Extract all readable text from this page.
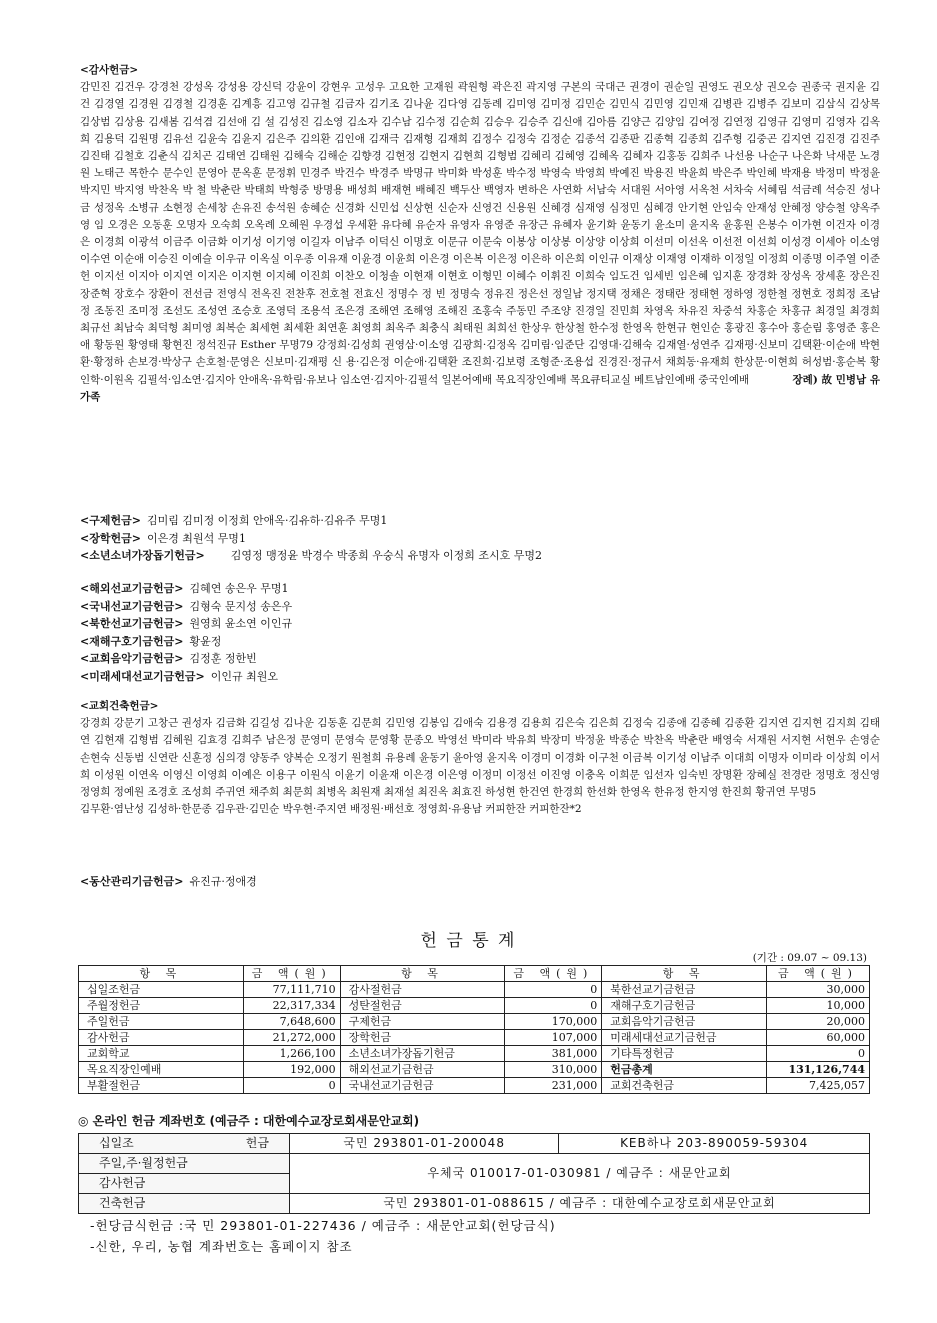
<감사헌금>

감민진 김건우 강경천 강성옥 강성용 강신덕 강윤이 강현우 고성우 고요한 고재원 곽원형 곽은진 곽지영 구본의 국대근 권경이 권순일 권영도 권오상 권오승 권종국 권지윤 김 건 김경열 김경원 김경철 김경훈 김계흥 김고영 김규철 김금자 김기조 김나윤 김다영 김동례 김미영 김미정 김민순 김민식 김민영 김민재 김병관 김병주 김보미 김삼식 김상목 김상범 김상용 김새봄 김석겸 김선애 김 설 김성진 김소영 김소자 김수남 김수정 김순희 김승우 김승주 김신애 김아름 김양근 김양임 김여정 김연정 김영규 김영미 김영자 김옥희 김용덕 김원명 김유선 김윤숙 김윤지 김은주 김의환 김인애 김재극 김재형 김재희 김정수 김정숙 김정순 김종석 김종판 김종혁 김종희 김주형 김중곤 김지연 김진경 김진주 김진태 김철호 김춘식 김치곤 김태연 김태원 김해숙 김해순 김향경 김현정 김현지 김현희 김형범 김혜리 김혜영 김혜옥 김혜자 김홍동 김희주 나선용 나순구 나은화 낙새문 노경원 노태근 목한수 문수인 문영아 문옥훈 문정휘 민경주 박건수 박경주 박명규 박미화 박성훈 박수정 박영숙 박영희 박예진 박용진 박윤희 박은주 박인혜 박재용 박정미 박정윤 박지민 박지영 박찬옥 박 철 박춘란 박태희 박형중 방명용 배성희 배재현 배혜진 백두산 백영자 변하은 사연화 서남숙 서대원 서아영 서옥천 서차숙 서혜림 석금례 석승진 성나금 성정옥 소병규 소현정 손세창 손유진 송석원 송혜순 신경화 신민섭 신상현 신순자 신영건 신용원 신혜경 심재영 심정민 심혜경 안기현 안임숙 안재성 안혜정 양승철 양옥주 영 임 오경은 오동훈 오명자 오숙희 오옥례 오혜원 우경섭 우세환 유다혜 유순자 유영자 유영준 유장근 유혜자 윤기화 윤동기 윤소미 윤지옥 윤홍원 은봉수 이가현 이건자 이경은 이경희 이광석 이금주 이금화 이기성 이기영 이길자 이남주 이덕신 이명호 이문규 이문숙 이봉상 이상봉 이상양 이상희 이선미 이선옥 이선전 이선희 이성경 이세아 이소영 이수연 이순애 이승진 이예슬 이우규 이옥실 이우종 이유재 이윤경 이윤희 이은경 이은복 이은정 이은하 이은희 이인규 이재상 이재영 이재하 이정일 이정희 이종명 이주열 이준헌 이지선 이지아 이지연 이지은 이지현 이지혜 이진희 이찬오 이청솔 이현재 이현호 이형민 이혜수 이휘진 이희숙 임도건 임세빈 임은혜 임지훈 장경화 장성옥 장세훈 장은진 장준혁 장호수 장환이 전선금 전영식 전옥진 전찬후 전호철 전효신 정명수 정 빈 정명숙 정유진 정은선 정일남 정지택 정채은 정태란 정태현 정하영 정한철 정현호 정희정 조남정 조동진 조미정 조선도 조성연 조승호 조영덕 조용석 조은경 조해연 조해영 조해진 조홍숙 주동민 주조양 진경일 진민희 차영옥 차유진 차중석 차홍순 차홍규 최경일 최경희 최규선 최남숙 최덕형 최미영 최복순 최세현 최세환 최연훈 최영희 최옥주 최충식 최태원 최희선 한상우 한상철 한수정 한영옥 한현규 현인순 홍광진 홍수아 홍순림 홍영준 홍은애 황동원 황영태 황현진 정석진규 Esther 무명79 강정희·김성희 권영삼·이소영 김광희·김정옥 김미림·임준단 김영대·김해숙 김재열·성연주 김재평·신보미 김택환·이순애 박현환·황정하 손보경·박상구 손호철·문영은 신보미·김재평 신 용·김은정 이순애·김택환 조진희·김보령 조형준·조용섭 진경진·정규서 채희동·유재희 한상문·이현희 허성범·홍순복 황인학·이원옥 김필석·임소연·김지아 안애옥·유학림·유보나 임소연·김지아·김필석 일본어예배 목요직장인예배 목요큐티교실 베트남인예배 중국인예배	장례) 故 민병남 유가족

<구제헌금> 김미림 김미정 이정희 안애옥·김유하·김유주 무명1
<장학헌금> 이은경 최원석 무명1
<소년소녀가장돕기헌금> 김영정 맹정윤 박경수 박종희 우숭식 유명자 이정희 조시호 무명2
<해외선교기금헌금> 김혜연 송은우 무명1
<국내선교기금헌금> 김형숙 문지성 송은우
<북한선교기금헌금> 원영희 윤소연 이인규
<재해구호기금헌금> 황윤정
<교회음악기금헌금> 김정훈 정한빈
<미래세대선교기금헌금> 이인규 최원오
<교회건축헌금>

강경희 강문기 고창근 권성자 김금화 김길성 김나운 김동훈 김문희 김민영 김봉임 김애숙 김용경 김용희 김은숙 김은희 김정숙 김종애 김종혜 김종환 김지연 김지현 김지희 김태연 김현재 김형범 김혜원 김효경 김희주 남은정 문영미 문영숙 문영황 문종오 박영선 박미라 박유희 박장미 박정윤 박종순 박찬옥 박춘란 배영숙 서재원 서지현 서현우 손영순 손현숙 신동범 신연란 신훈정 심의경 양동주 양복순 오정기 원철희 유용례 윤동기 윤아영 윤지옥 이경미 이경화 이구천 이금복 이기성 이남주 이대희 이명자 이미라 이상희 이서희 이성원 이연옥 이영신 이영희 이예은 이용구 이원식 이윤기 이윤재 이은경 이은영 이정미 이정선 이진영 이충옥 이희문 임선자 임숙빈 장명환 장혜실 전경란 정명호 정신영 정영희 정예원 조경호 조성희 주귀연 채주희 최문희 최병옥 최원재 최재설 최진옥 최효진 하성현 한건연 한경희 한선화 한영옥 한유정 한지영 한진희 황귀연 무명5

김무환·염난성 김성하·한문종 김우관·김민순 박우현·주지연 배정원·배선호 정영희·유용남 커피한잔 커피한잔*2

<동산관리기금헌금> 유진규·정애경
헌 금 통 계
(기간 : 09.07 ~ 09.13)
항 목	금 액(원)	항 목	금 액(원)	항 목	금 액(원)
십일조헌금	77,111,710	감사절헌금	0	북한선교기금헌금	30,000
주월정헌금	22,317,334	성탄절헌금	0	재해구호기금헌금	10,000
주일헌금	7,648,600	구제헌금	170,000	교회음악기금헌금	20,000
감사헌금	21,272,000	장학헌금	107,000	미래세대선교기금헌금	60,000
교회학교	1,266,100	소년소녀가장돕기헌금	381,000	기타특정헌금	0
목요직장인예배	192,000	해외선교기금헌금	310,000	헌금총계	131,126,744
부활절헌금	0	국내선교기금헌금	231,000	교회건축헌금	7,425,057
◎ 온라인 헌금 계좌번호 (예금주 : 대한예수교장로회새문안교회)
십일조 헌금	국민 293801-01-200048	KEB하나 203-890059-59304
주일,주·월정헌금	우체국 010017-01-030981 / 예금주 : 새문안교회	
감사헌금		
건축헌금	국민 293801-01-088615 / 예금주 : 대한예수교장로회새문안교회	
-헌당금식헌금 :국 민 293801-01-227436 / 예금주 : 새문안교회(헌당금식)
-신한, 우리, 농협 계좌번호는 홈페이지 참조
